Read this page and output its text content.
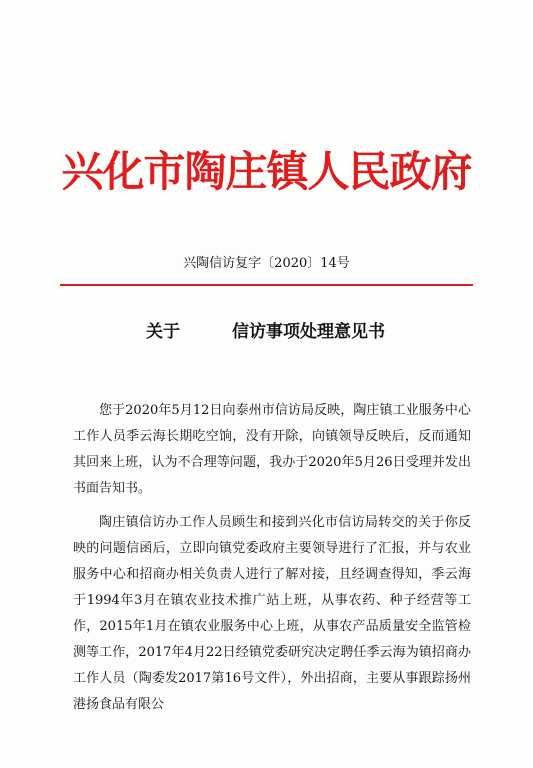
兴化市陶庄镇人民政府
兴陶信访复字〔2020〕14号
关于	信访事项处理意见书

您于2020年5月12日向泰州市信访局反映，陶庄镇工业服务中心工作人员季云海长期吃空饷，没有开除，向镇领导反映后，反而通知其回来上班，认为不合理等问题，我办于2020年5月26日受理并发出书面告知书。

陶庄镇信访办工作人员顾生和接到兴化市信访局转交的关于你反映的问题信函后，立即向镇党委政府主要领导进行了汇报，并与农业服务中心和招商办相关负责人进行了解对接，且经调查得知，季云海于1994年3月在镇农业技术推广站上班，从事农药、种子经营等工作，2015年1月在镇农业服务中心上班，从事农产品质量安全监管检测等工作，2017年4月22日经镇党委研究决定聘任季云海为镇招商办工作人员（陶委发2017第16号文件），外出招商，主要从事跟踪扬州港扬食品有限公
